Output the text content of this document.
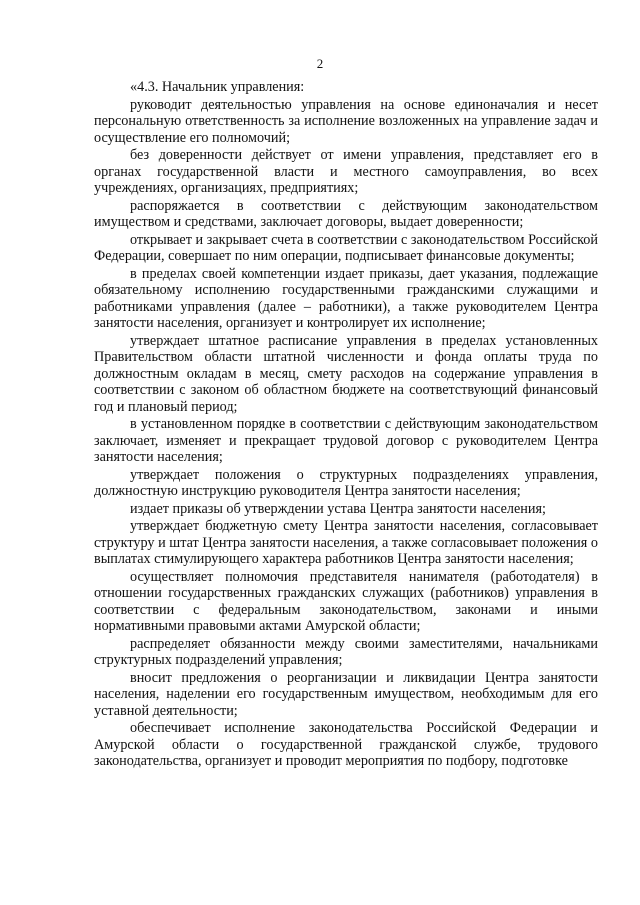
2

«4.3. Начальник управления:

руководит деятельностью управления на основе единоначалия и несет персональную ответственность за исполнение возложенных на управление задач и осуществление его полномочий;

без доверенности действует от имени управления, представляет его в органах государственной власти и местного самоуправления, во всех учреждениях, организациях, предприятиях;

распоряжается в соответствии с действующим законодательством имуществом и средствами, заключает договоры, выдает доверенности;

открывает и закрывает счета в соответствии с законодательством Российской Федерации, совершает по ним операции, подписывает финансовые документы;

в пределах своей компетенции издает приказы, дает указания, подлежащие обязательному исполнению государственными гражданскими служащими и работниками управления (далее – работники), а также руководителем Центра занятости населения, организует и контролирует их исполнение;

утверждает штатное расписание управления в пределах установленных Правительством области штатной численности и фонда оплаты труда по должностным окладам в месяц, смету расходов на содержание управления в соответствии с законом об областном бюджете на соответствующий финансовый год и плановый период;

в установленном порядке в соответствии с действующим законодательством заключает, изменяет и прекращает трудовой договор с руководителем Центра занятости населения;

утверждает положения о структурных подразделениях управления, должностную инструкцию руководителя Центра занятости населения;

издает приказы об утверждении устава Центра занятости населения;

утверждает бюджетную смету Центра занятости населения, согласовывает структуру и штат Центра занятости населения, а также согласовывает положения о выплатах стимулирующего характера работников Центра занятости населения;

осуществляет полномочия представителя нанимателя (работодателя) в отношении государственных гражданских служащих (работников) управления в соответствии с федеральным законодательством, законами и иными нормативными правовыми актами Амурской области;

распределяет обязанности между своими заместителями, начальниками структурных подразделений управления;

вносит предложения о реорганизации и ликвидации Центра занятости населения, наделении его государственным имуществом, необходимым для его уставной деятельности;

обеспечивает исполнение законодательства Российской Федерации и Амурской области о государственной гражданской службе, трудового законодательства, организует и проводит мероприятия по подбору, подготовке
